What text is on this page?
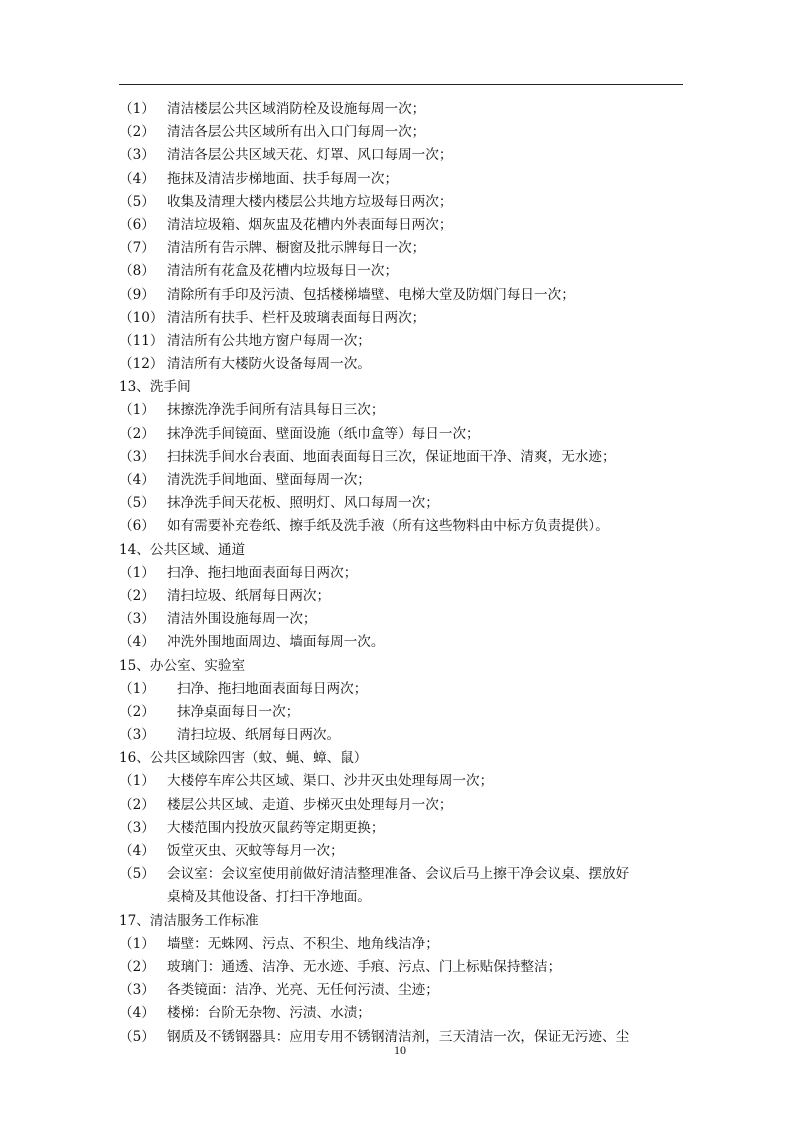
（1） 清洁楼层公共区域消防栓及设施每周一次；
（2） 清洁各层公共区域所有出入口门每周一次；
（3） 清洁各层公共区域天花、灯罩、风口每周一次；
（4） 拖抹及清洁步梯地面、扶手每周一次；
（5） 收集及清理大楼内楼层公共地方垃圾每日两次；
（6） 清洁垃圾箱、烟灰盅及花槽内外表面每日两次；
（7） 清洁所有告示牌、橱窗及批示牌每日一次；
（8） 清洁所有花盒及花槽内垃圾每日一次；
（9） 清除所有手印及污渍、包括楼梯墙壁、电梯大堂及防烟门每日一次；
（10） 清洁所有扶手、栏杆及玻璃表面每日两次；
（11） 清洁所有公共地方窗户每周一次；
（12） 清洁所有大楼防火设备每周一次。
13、洗手间
（1） 抹擦洗净洗手间所有洁具每日三次；
（2） 抹净洗手间镜面、壁面设施（纸巾盒等）每日一次；
（3） 扫抹洗手间水台表面、地面表面每日三次，保证地面干净、清爽，无水迹；
（4） 清洗洗手间地面、壁面每周一次；
（5） 抹净洗手间天花板、照明灯、风口每周一次；
（6） 如有需要补充卷纸、擦手纸及洗手液（所有这些物料由中标方负责提供）。
14、公共区域、通道
（1） 扫净、拖扫地面表面每日两次；
（2） 清扫垃圾、纸屑每日两次；
（3） 清洁外围设施每周一次；
（4） 冲洗外围地面周边、墙面每周一次。
15、办公室、实验室
（1） 扫净、拖扫地面表面每日两次；
（2） 抹净桌面每日一次；
（3） 清扫垃圾、纸屑每日两次。
16、公共区域除四害（蚊、蝇、蟑、鼠）
（1） 大楼停车库公共区域、渠口、沙井灭虫处理每周一次；
（2） 楼层公共区域、走道、步梯灭虫处理每月一次；
（3） 大楼范围内投放灭鼠药等定期更换；
（4） 饭堂灭虫、灭蚊等每月一次；
（5） 会议室：会议室使用前做好清洁整理准备、会议后马上擦干净会议桌、摆放好
桌椅及其他设备、打扫干净地面。
17、清洁服务工作标准
（1） 墙壁：无蛛网、污点、不积尘、地角线洁净；
（2） 玻璃门：通透、洁净、无水迹、手痕、污点、门上标贴保持整洁；
（3） 各类镜面：洁净、光亮、无任何污渍、尘迹；
（4） 楼梯：台阶无杂物、污渍、水渍；
（5） 钢质及不锈钢器具：应用专用不锈钢清洁剂，三天清洁一次，保证无污迹、尘
10
